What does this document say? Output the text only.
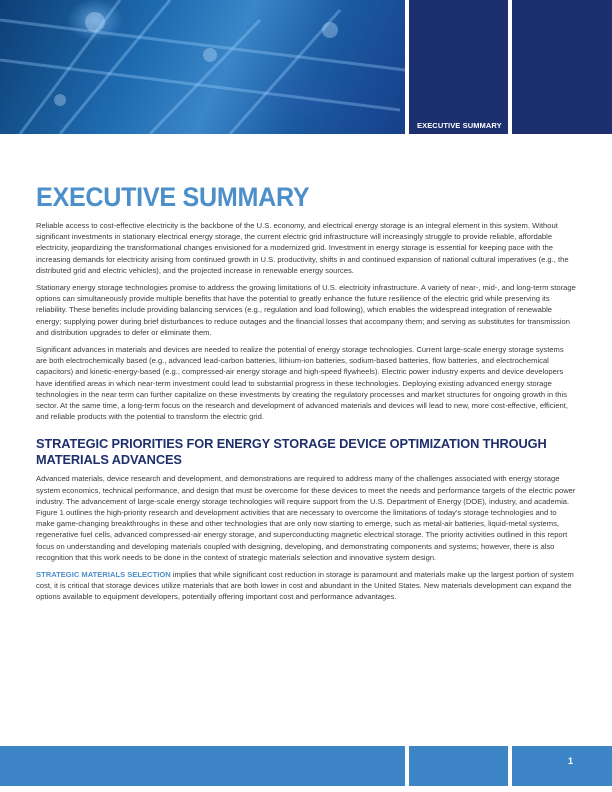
EXECUTIVE SUMMARY
EXECUTIVE SUMMARY

Reliable access to cost-effective electricity is the backbone of the U.S. economy, and electrical energy storage is an integral element in this system. Without significant investments in stationary electrical energy storage, the current electric grid infrastructure will increasingly struggle to provide reliable, affordable electricity, jeopardizing the transformational changes envisioned for a modernized grid. Investment in energy storage is essential for keeping pace with the increasing demands for electricity arising from continued growth in U.S. productivity, shifts in and continued expansion of national cultural imperatives (e.g., the distributed grid and electric vehicles), and the projected increase in renewable energy sources.

Stationary energy storage technologies promise to address the growing limitations of U.S. electricity infrastructure. A variety of near-, mid-, and long-term storage options can simultaneously provide multiple benefits that have the potential to greatly enhance the future resilience of the electric grid while preserving its reliability. These benefits include providing balancing services (e.g., regulation and load following), which enables the widespread integration of renewable energy; supplying power during brief disturbances to reduce outages and the financial losses that accompany them; and serving as substitutes for transmission and distribution upgrades to defer or eliminate them.

Significant advances in materials and devices are needed to realize the potential of energy storage technologies. Current large-scale energy storage systems are both electrochemically based (e.g., advanced lead-carbon batteries, lithium-ion batteries, sodium-based batteries, flow batteries, and electrochemical capacitors) and kinetic-energy-based (e.g., compressed-air energy storage and high-speed flywheels). Electric power industry experts and device developers have identified areas in which near-term investment could lead to substantial progress in these technologies. Deploying existing advanced energy storage technologies in the near term can further capitalize on these investments by creating the regulatory processes and market structures for ongoing growth in this sector. At the same time, a long-term focus on the research and development of advanced materials and devices will lead to new, more cost-effective, efficient, and reliable products with the potential to transform the electric grid.

STRATEGIC PRIORITIES FOR ENERGY STORAGE DEVICE OPTIMIZATION THROUGH MATERIALS ADVANCES

Advanced materials, device research and development, and demonstrations are required to address many of the challenges associated with energy storage system economics, technical performance, and design that must be overcome for these devices to meet the needs and performance targets of the electric power industry. The advancement of large-scale energy storage technologies will require support from the U.S. Department of Energy (DOE), industry, and academia. Figure 1 outlines the high-priority research and development activities that are necessary to overcome the limitations of today's storage technologies and to make game-changing breakthroughs in these and other technologies that are only now starting to emerge, such as metal-air batteries, liquid-metal systems, regenerative fuel cells, advanced compressed-air energy storage, and superconducting magnetic electrical storage. The priority activities outlined in this report focus on understanding and developing materials coupled with designing, developing, and demonstrating components and systems; however, there is also recognition that this work needs to be done in the context of strategic materials selection and innovative system design.

STRATEGIC MATERIALS SELECTION implies that while significant cost reduction in storage is paramount and materials make up the largest portion of system cost, it is critical that storage devices utilize materials that are both lower in cost and abundant in the United States. New materials development can expand the options available to equipment developers, potentially offering important cost and performance advantages.

1
